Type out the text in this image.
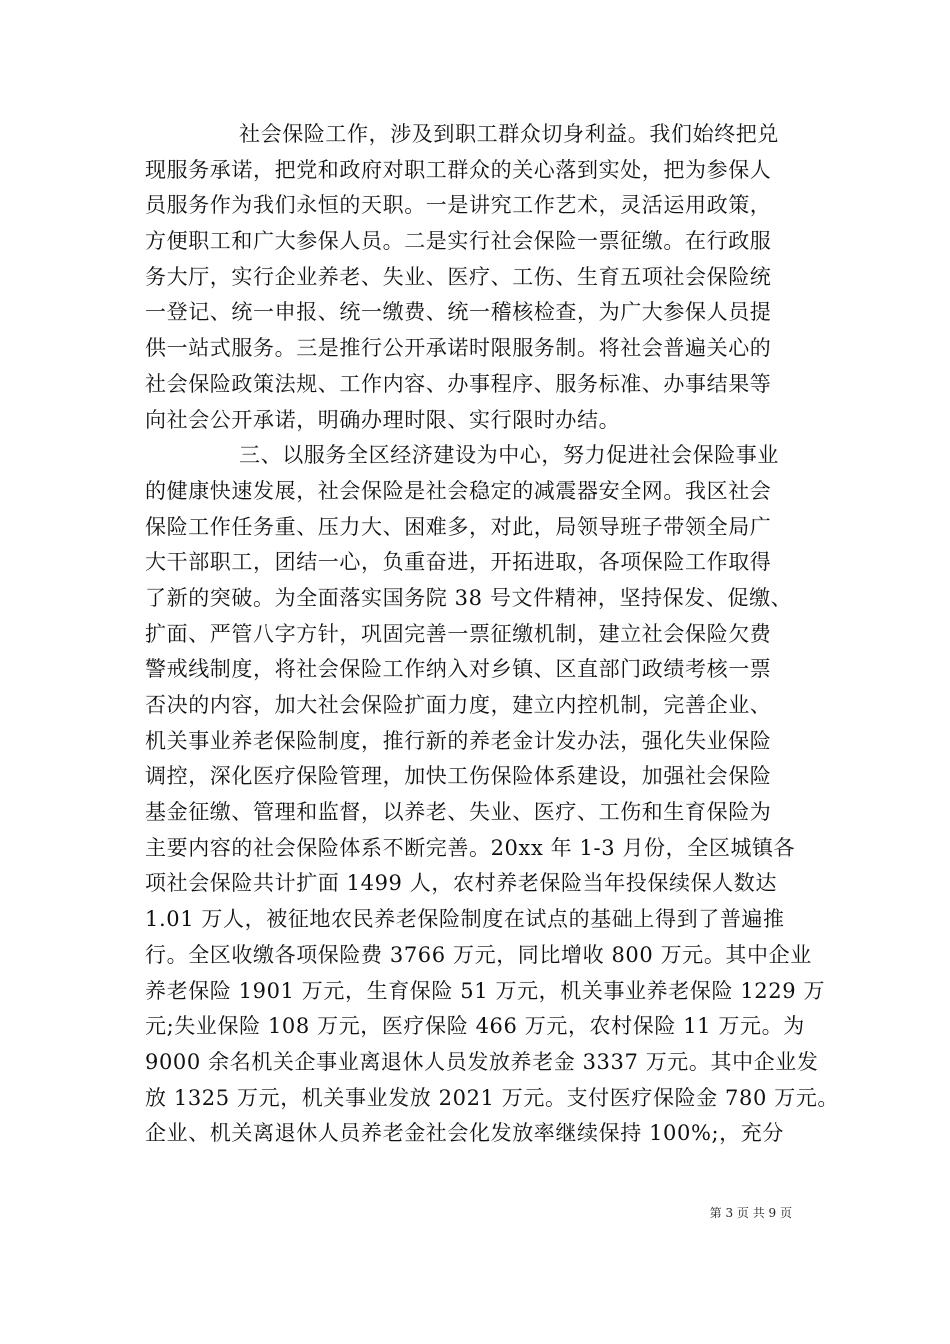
社会保险工作，涉及到职工群众切身利益。我们始终把兑
现服务承诺，把党和政府对职工群众的关心落到实处，把为参保人
员服务作为我们永恒的天职。一是讲究工作艺术，灵活运用政策，
方便职工和广大参保人员。二是实行社会保险一票征缴。在行政服
务大厅，实行企业养老、失业、医疗、工伤、生育五项社会保险统
一登记、统一申报、统一缴费、统一稽核检查，为广大参保人员提
供一站式服务。三是推行公开承诺时限服务制。将社会普遍关心的
社会保险政策法规、工作内容、办事程序、服务标准、办事结果等
向社会公开承诺，明确办理时限、实行限时办结。
三、以服务全区经济建设为中心，努力促进社会保险事业
的健康快速发展，社会保险是社会稳定的减震器安全网。我区社会
保险工作任务重、压力大、困难多，对此，局领导班子带领全局广
大干部职工，团结一心，负重奋进，开拓进取，各项保险工作取得
了新的突破。为全面落实国务院 38 号文件精神，坚持保发、促缴、
扩面、严管八字方针，巩固完善一票征缴机制，建立社会保险欠费
警戒线制度，将社会保险工作纳入对乡镇、区直部门政绩考核一票
否决的内容，加大社会保险扩面力度，建立内控机制，完善企业、
机关事业养老保险制度，推行新的养老金计发办法，强化失业保险
调控，深化医疗保险管理，加快工伤保险体系建设，加强社会保险
基金征缴、管理和监督，以养老、失业、医疗、工伤和生育保险为
主要内容的社会保险体系不断完善。20xx 年 1-3 月份，全区城镇各
项社会保险共计扩面 1499 人，农村养老保险当年投保续保人数达
1.01 万人，被征地农民养老保险制度在试点的基础上得到了普遍推
行。全区收缴各项保险费 3766 万元，同比增收 800 万元。其中企业
养老保险 1901 万元，生育保险 51 万元，机关事业养老保险 1229 万
元;失业保险 108 万元，医疗保险 466 万元，农村保险 11 万元。为
9000 余名机关企事业离退休人员发放养老金 3337 万元。其中企业发
放 1325 万元，机关事业发放 2021 万元。支付医疗保险金 780 万元。
企业、机关离退休人员养老金社会化发放率继续保持 100%;，充分
第 3 页 共 9 页
